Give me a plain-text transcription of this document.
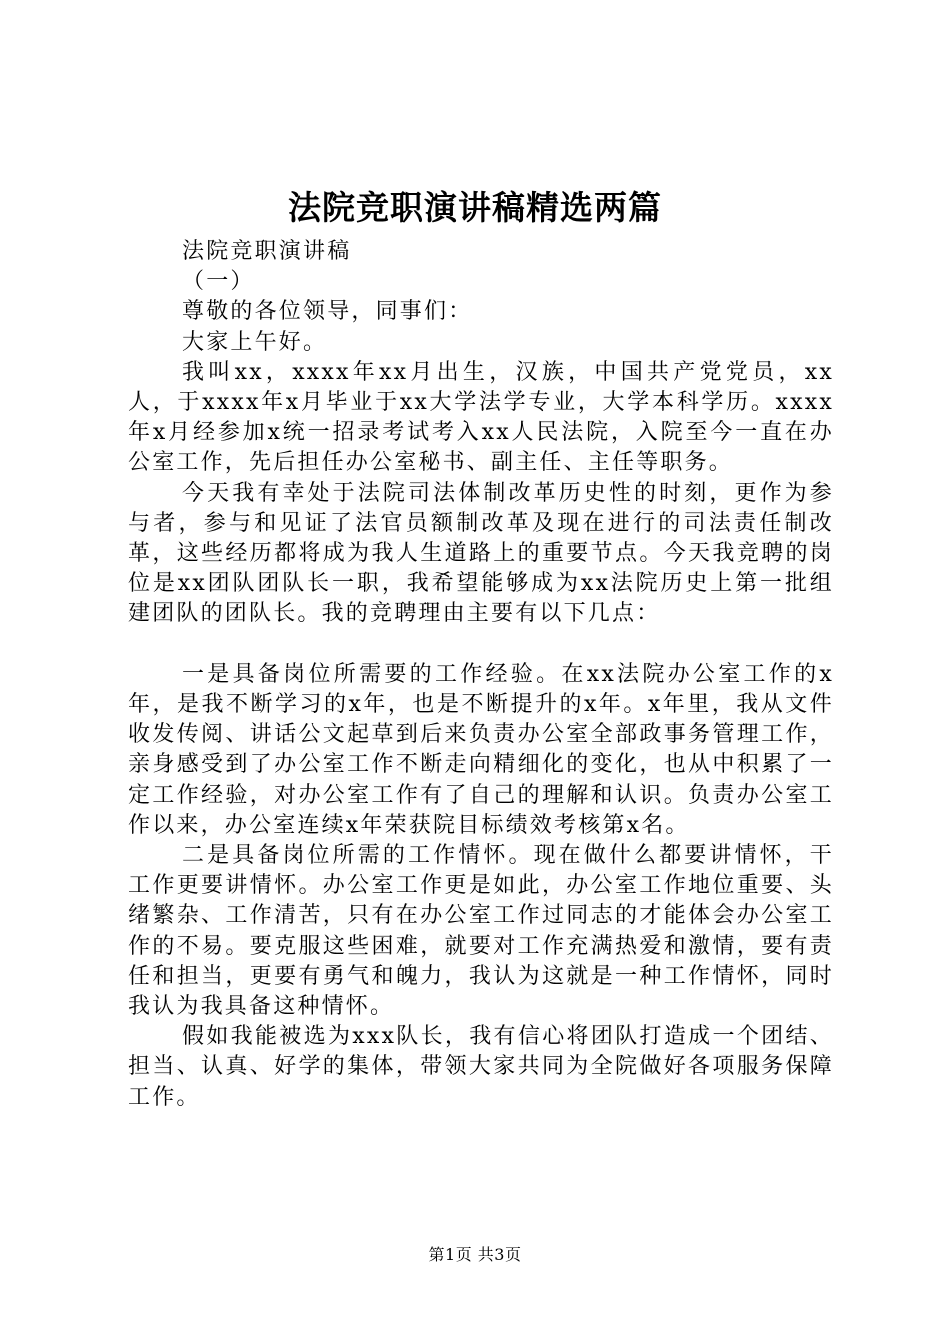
法院竞职演讲稿精选两篇

法院竞职演讲稿

（一）

尊敬的各位领导，同事们：

大家上午好。

我叫xx，xxxx年xx月出生，汉族，中国共产党党员，xx人，于xxxx年x月毕业于xx大学法学专业，大学本科学历。xxxx年x月经参加x统一招录考试考入xx人民法院，入院至今一直在办公室工作，先后担任办公室秘书、副主任、主任等职务。

今天我有幸处于法院司法体制改革历史性的时刻，更作为参与者，参与和见证了法官员额制改革及现在进行的司法责任制改革，这些经历都将成为我人生道路上的重要节点。今天我竞聘的岗位是xx团队团队长一职，我希望能够成为xx法院历史上第一批组建团队的团队长。我的竞聘理由主要有以下几点：

一是具备岗位所需要的工作经验。在xx法院办公室工作的x年，是我不断学习的x年，也是不断提升的x年。x年里，我从文件收发传阅、讲话公文起草到后来负责办公室全部政事务管理工作，亲身感受到了办公室工作不断走向精细化的变化，也从中积累了一定工作经验，对办公室工作有了自己的理解和认识。负责办公室工作以来，办公室连续x年荣获院目标绩效考核第x名。

二是具备岗位所需的工作情怀。现在做什么都要讲情怀，干工作更要讲情怀。办公室工作更是如此，办公室工作地位重要、头绪繁杂、工作清苦，只有在办公室工作过同志的才能体会办公室工作的不易。要克服这些困难，就要对工作充满热爱和激情，要有责任和担当，更要有勇气和魄力，我认为这就是一种工作情怀，同时我认为我具备这种情怀。

假如我能被选为xxx队长，我有信心将团队打造成一个团结、担当、认真、好学的集体，带领大家共同为全院做好各项服务保障工作。

第1页 共3页
